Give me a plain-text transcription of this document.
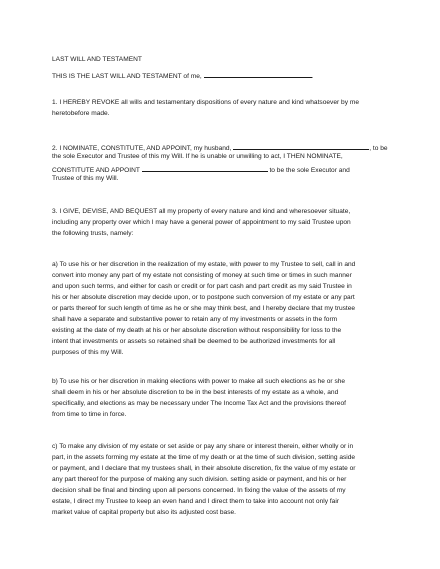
LAST WILL AND TESTAMENT
THIS IS THE LAST WILL AND TESTAMENT of me,	.
1. I HEREBY REVOKE all wills and testamentary dispositions of every nature and kind whatsoever by me
heretobefore made.
2. I NOMINATE, CONSTITUTE, AND APPOINT, my husband,	, to be
the sole Executor and Trustee of this my Will. If he is unable or unwilling to act, I THEN NOMINATE,
CONSTITUTE AND APPOINT	to be the sole Executor and
Trustee of this my Will.
3. I GIVE, DEVISE, AND BEQUEST all my property of every nature and kind and wheresoever situate,
including any property over which I may have a general power of appointment to my said Trustee upon
the following trusts, namely:
a) To use his or her discretion in the realization of my estate, with power to my Trustee to sell, call in and
convert into money any part of my estate not consisting of money at such time or times in such manner
and upon such terms, and either for cash or credit or for part cash and part credit as my said Trustee in
his or her absolute discretion may decide upon, or to postpone such conversion of my estate or any part
or parts thereof for such length of time as he or she may think best, and I hereby declare that my trustee
shall have a separate and substantive power to retain any of my investments or assets in the form
existing at the date of my death at his or her absolute discretion without responsibility for loss to the
intent that investments or assets so retained shall be deemed to be authorized investments for all
purposes of this my Will.
b) To use his or her discretion in making elections with power to make all such elections as he or she
shall deem in his or her absolute discretion to be in the best interests of my estate as a whole, and
specifically, and elections as may be necessary under The Income Tax Act and the provisions thereof
from time to time in force.
c) To make any division of my estate or set aside or pay any share or interest therein, either wholly or in
part, in the assets forming my estate at the time of my death or at the time of such division, setting aside
or payment, and I declare that my trustees shall, in their absolute discretion, fix the value of my estate or
any part thereof for the purpose of making any such division. setting aside or payment, and his or her
decision shall be final and binding upon all persons concerned. In fixing the value of the assets of my
estate, I direct my Trustee to keep an even hand and I direct them to take into account not only fair
market value of capital property but also its adjusted cost base.
